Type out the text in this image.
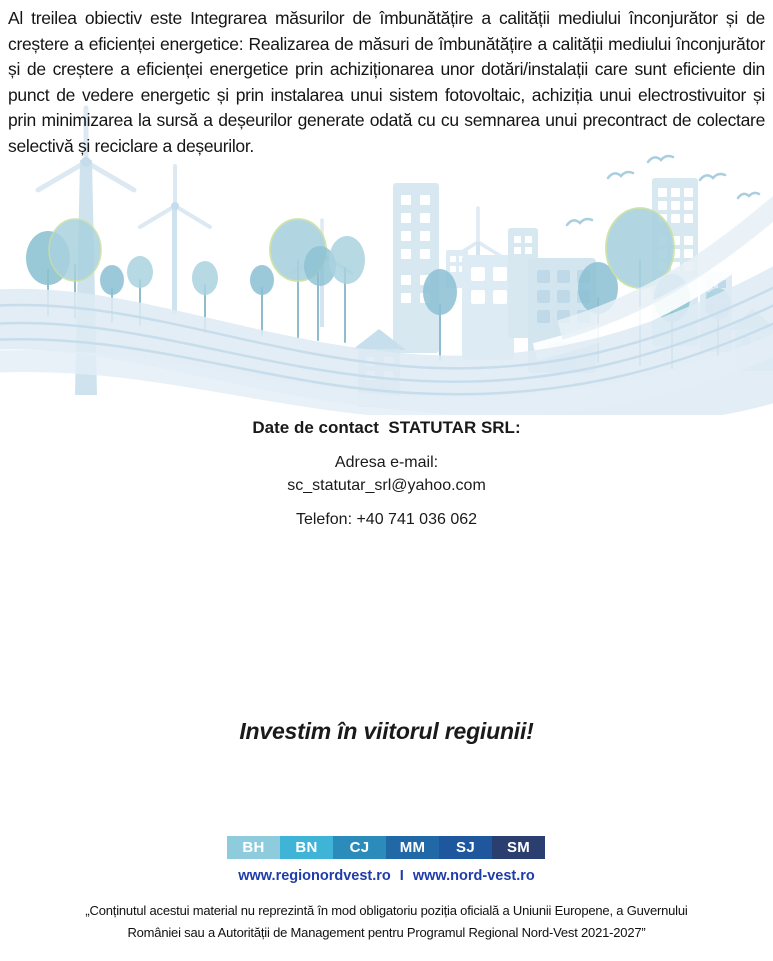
Al treilea obiectiv este Integrarea măsurilor de îmbunătățire a calității mediului înconjurător și de creștere a eficienței energetice: Realizarea de măsuri de îmbunătățire a calității mediului înconjurător și de creștere a eficienței energetice prin achiziționarea unor dotări/instalații care sunt eficiente din punct de vedere energetic și prin instalarea unui sistem fotovoltaic, achiziția unui electrostivuitor și prin minimizarea la sursă a deșeurilor generate odată cu cu semnarea unui precontract de colectare selectivă și reciclare a deșeurilor.
Date de contact  STATUTAR SRL:
Adresa e-mail:
sc_statutar_srl@yahoo.com
Telefon: +40 741 036 062
Investim în viitorul regiunii!
BH	BN	CJ	MM	SJ	SM
www.regionordvest.ro I www.nord-vest.ro
„Conținutul acestui material nu reprezintă în mod obligatoriu poziția oficială a Uniunii Europene, a Guvernului
României sau a Autorității de Management pentru Programul Regional Nord-Vest 2021-2027”
